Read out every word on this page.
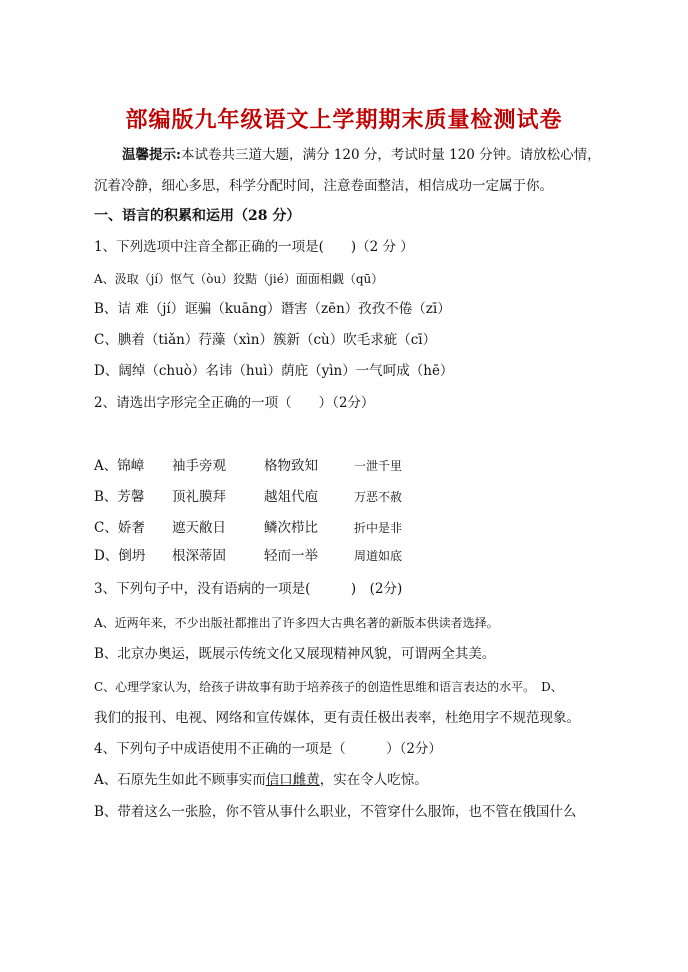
部编版九年级语文上学期期末质量检测试卷
温馨提示:本试卷共三道大题，满分 120 分，考试时量 120 分钟。请放松心情，
沉着冷静，细心多思，科学分配时间，注意卷面整洁，相信成功一定属于你。
一、语言的积累和运用（28 分）
1、下列选项中注音全都正确的一项是(　　)（2 分 ）
A、汲取（jí）怄气（òu）狡黠（jié）面面相觑（qū）
B、诘 难（jí）诓骗（kuāng）谮害（zēn）孜孜不倦（zī）
C、腆着（tiǎn）荇藻（xìn）簇新（cù）吹毛求疵（cī）
D、阔绰（chuò）名讳（huì）荫庇（yìn）一气呵成（hē）
2、请选出字形完全正确的一项（　　）（2分）
A、锦嶂	袖手旁观	格物致知	一泄千里
B、芳馨	顶礼膜拜	越俎代庖	万恶不赦
C、娇奢	遮天敝日	鳞次栉比	折中是非
D、倒坍	根深蒂固	轻而一举	周道如底
3、下列句子中，没有语病的一项是(　　　)　(2分)
A、近两年来，不少出版社都推出了许多四大古典名著的新版本供读者选择。
B、北京办奥运，既展示传统文化又展现精神风貌，可谓两全其美。
C、心理学家认为，给孩子讲故事有助于培养孩子的创造性思维和语言表达的水平。　D、
我们的报刊、电视、网络和宣传媒体，更有责任极出表率，杜绝用字不规范现象。
4、下列句子中成语使用不正确的一项是（　　　）（2分）
A、石原先生如此不顾事实而信口雌黄，实在令人吃惊。
B、带着这么一张脸，你不管从事什么职业，不管穿什么服饰，也不管在俄国什么
